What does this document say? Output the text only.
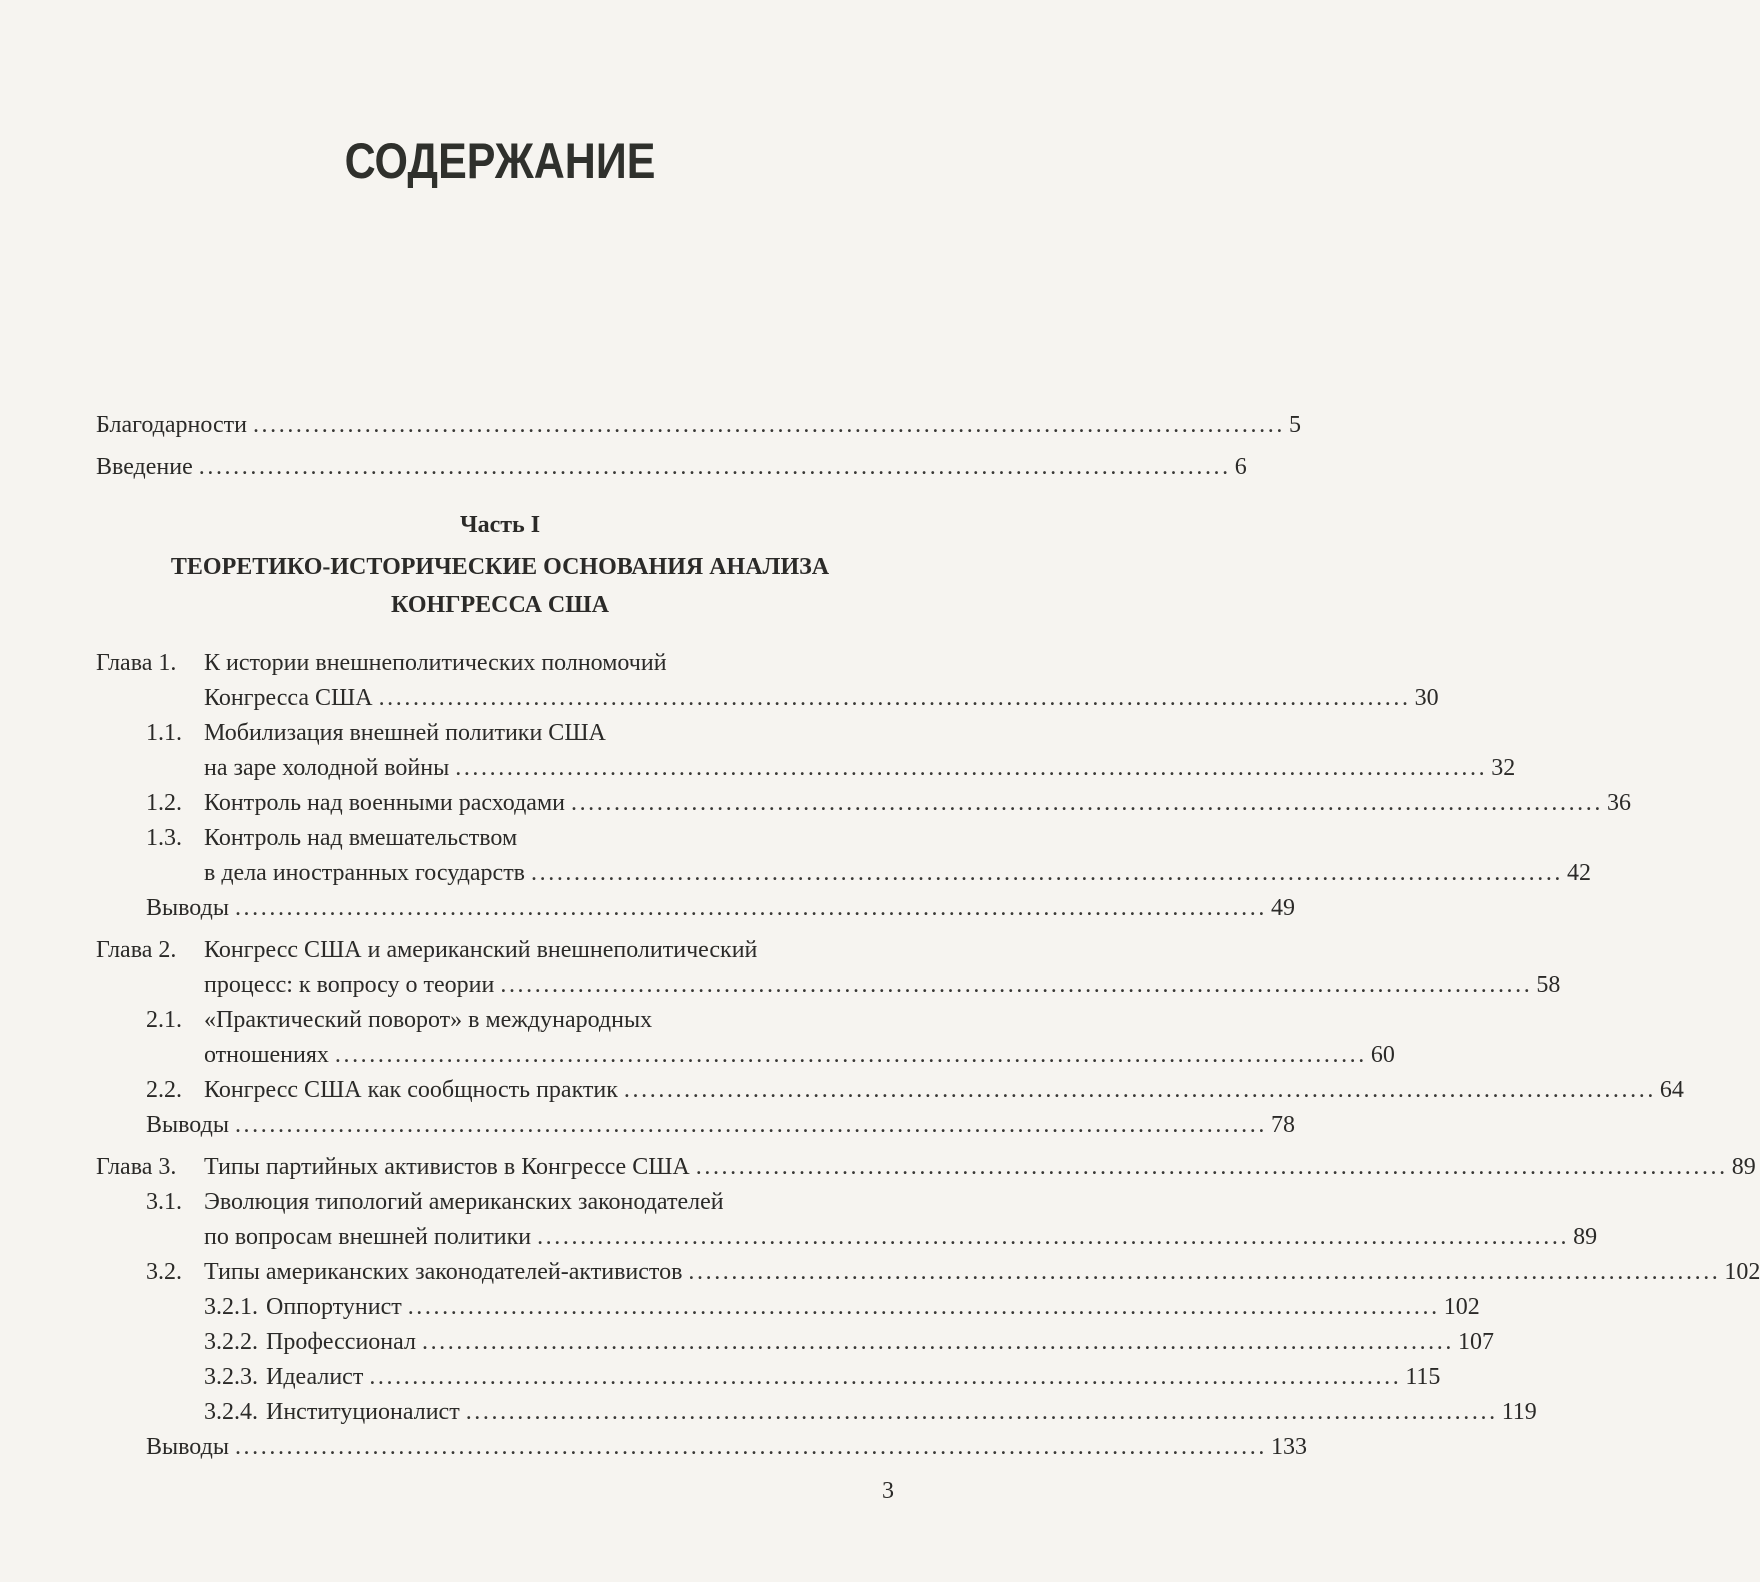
СОДЕРЖАНИЕ
Благодарности ........................................................................................................................ 5
Введение ........................................................................................................................ 6
Часть I
ТЕОРЕТИКО-ИСТОРИЧЕСКИЕ ОСНОВАНИЯ АНАЛИЗА
КОНГРЕССА США
Глава 1. К истории внешнеполитических полномочий
Конгресса США ........................................................................................................................ 30
1.1. Мобилизация внешней политики США
на заре холодной войны ........................................................................................................................ 32
1.2. Контроль над военными расходами ........................................................................................................................ 36
1.3. Контроль над вмешательством
в дела иностранных государств ........................................................................................................................ 42
Выводы ........................................................................................................................ 49
Глава 2. Конгресс США и американский внешнеполитический
процесс: к вопросу о теории ........................................................................................................................ 58
2.1. «Практический поворот» в международных
отношениях ........................................................................................................................ 60
2.2. Конгресс США как сообщность практик ........................................................................................................................ 64
Выводы ........................................................................................................................ 78
Глава 3. Типы партийных активистов в Конгрессе США ........................................................................................................................ 89
3.1. Эволюция типологий американских законодателей
по вопросам внешней политики ........................................................................................................................ 89
3.2. Типы американских законодателей-активистов ........................................................................................................................ 102
3.2.1. Оппортунист ........................................................................................................................ 102
3.2.2. Профессионал ........................................................................................................................ 107
3.2.3. Идеалист ........................................................................................................................ 115
3.2.4. Институционалист ........................................................................................................................ 119
Выводы ........................................................................................................................ 133
3
